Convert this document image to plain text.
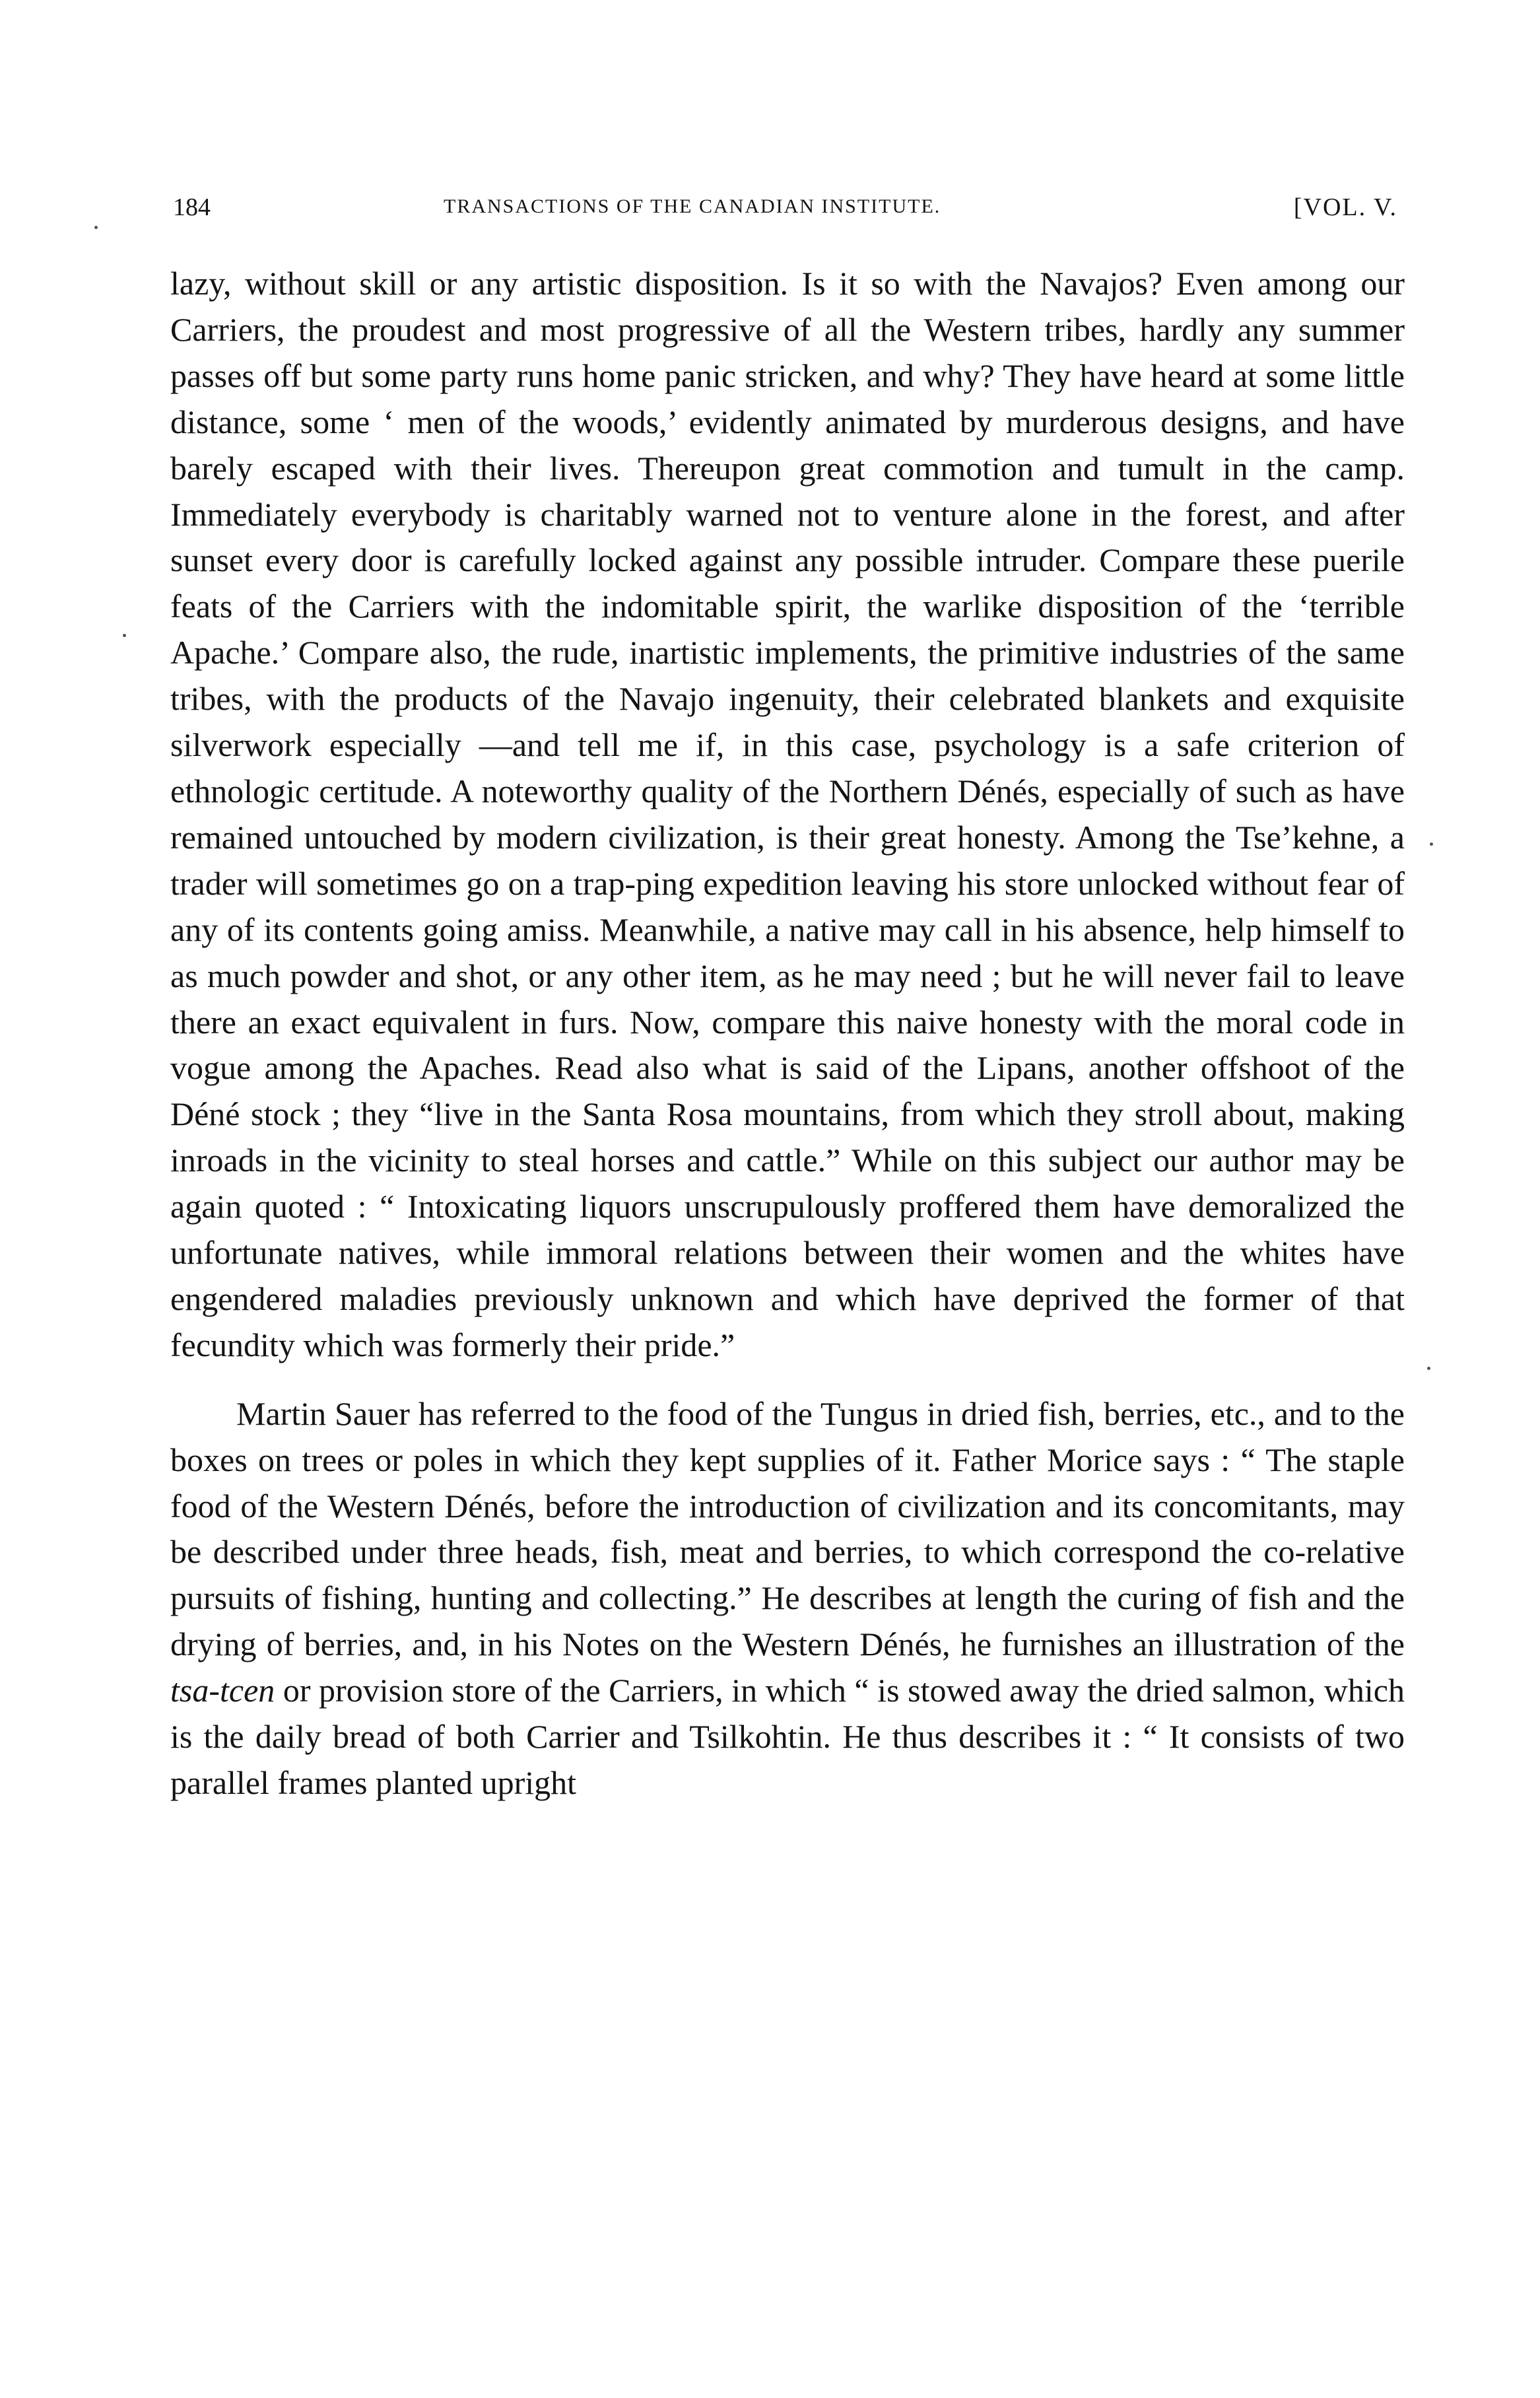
184	TRANSACTIONS OF THE CANADIAN INSTITUTE.	[VOL. V.

lazy, without skill or any artistic disposition. Is it so with the Navajos? Even among our Carriers, the proudest and most progressive of all the Western tribes, hardly any summer passes off but some party runs home panic stricken, and why? They have heard at some little distance, some ‘ men of the woods,’ evidently animated by murderous designs, and have barely escaped with their lives. Thereupon great commotion and tumult in the camp. Immediately everybody is charitably warned not to venture alone in the forest, and after sunset every door is carefully locked against any possible intruder. Compare these puerile feats of the Carriers with the indomitable spirit, the warlike disposition of the ‘terrible Apache.’ Compare also, the rude, inartistic implements, the primitive industries of the same tribes, with the products of the Navajo ingenuity, their celebrated blankets and exquisite silverwork especially —and tell me if, in this case, psychology is a safe criterion of ethnologic certitude. A noteworthy quality of the Northern Dénés, especially of such as have remained untouched by modern civilization, is their great honesty. Among the Tse’kehne, a trader will sometimes go on a trap-ping expedition leaving his store unlocked without fear of any of its contents going amiss. Meanwhile, a native may call in his absence, help himself to as much powder and shot, or any other item, as he may need ; but he will never fail to leave there an exact equivalent in furs. Now, compare this naive honesty with the moral code in vogue among the Apaches. Read also what is said of the Lipans, another offshoot of the Déné stock ; they “live in the Santa Rosa mountains, from which they stroll about, making inroads in the vicinity to steal horses and cattle.” While on this subject our author may be again quoted : “ Intoxicating liquors unscrupulously proffered them have demoralized the unfortunate natives, while immoral relations between their women and the whites have engendered maladies previously unknown and which have deprived the former of that fecundity which was formerly their pride.”

Martin Sauer has referred to the food of the Tungus in dried fish, berries, etc., and to the boxes on trees or poles in which they kept supplies of it. Father Morice says : “ The staple food of the Western Dénés, before the introduction of civilization and its concomitants, may be described under three heads, fish, meat and berries, to which correspond the co-relative pursuits of fishing, hunting and collecting.” He describes at length the curing of fish and the drying of berries, and, in his Notes on the Western Dénés, he furnishes an illustration of the tsa-tcen or provision store of the Carriers, in which “ is stowed away the dried salmon, which is the daily bread of both Carrier and Tsilkohtin. He thus describes it : “ It consists of two parallel frames planted upright
